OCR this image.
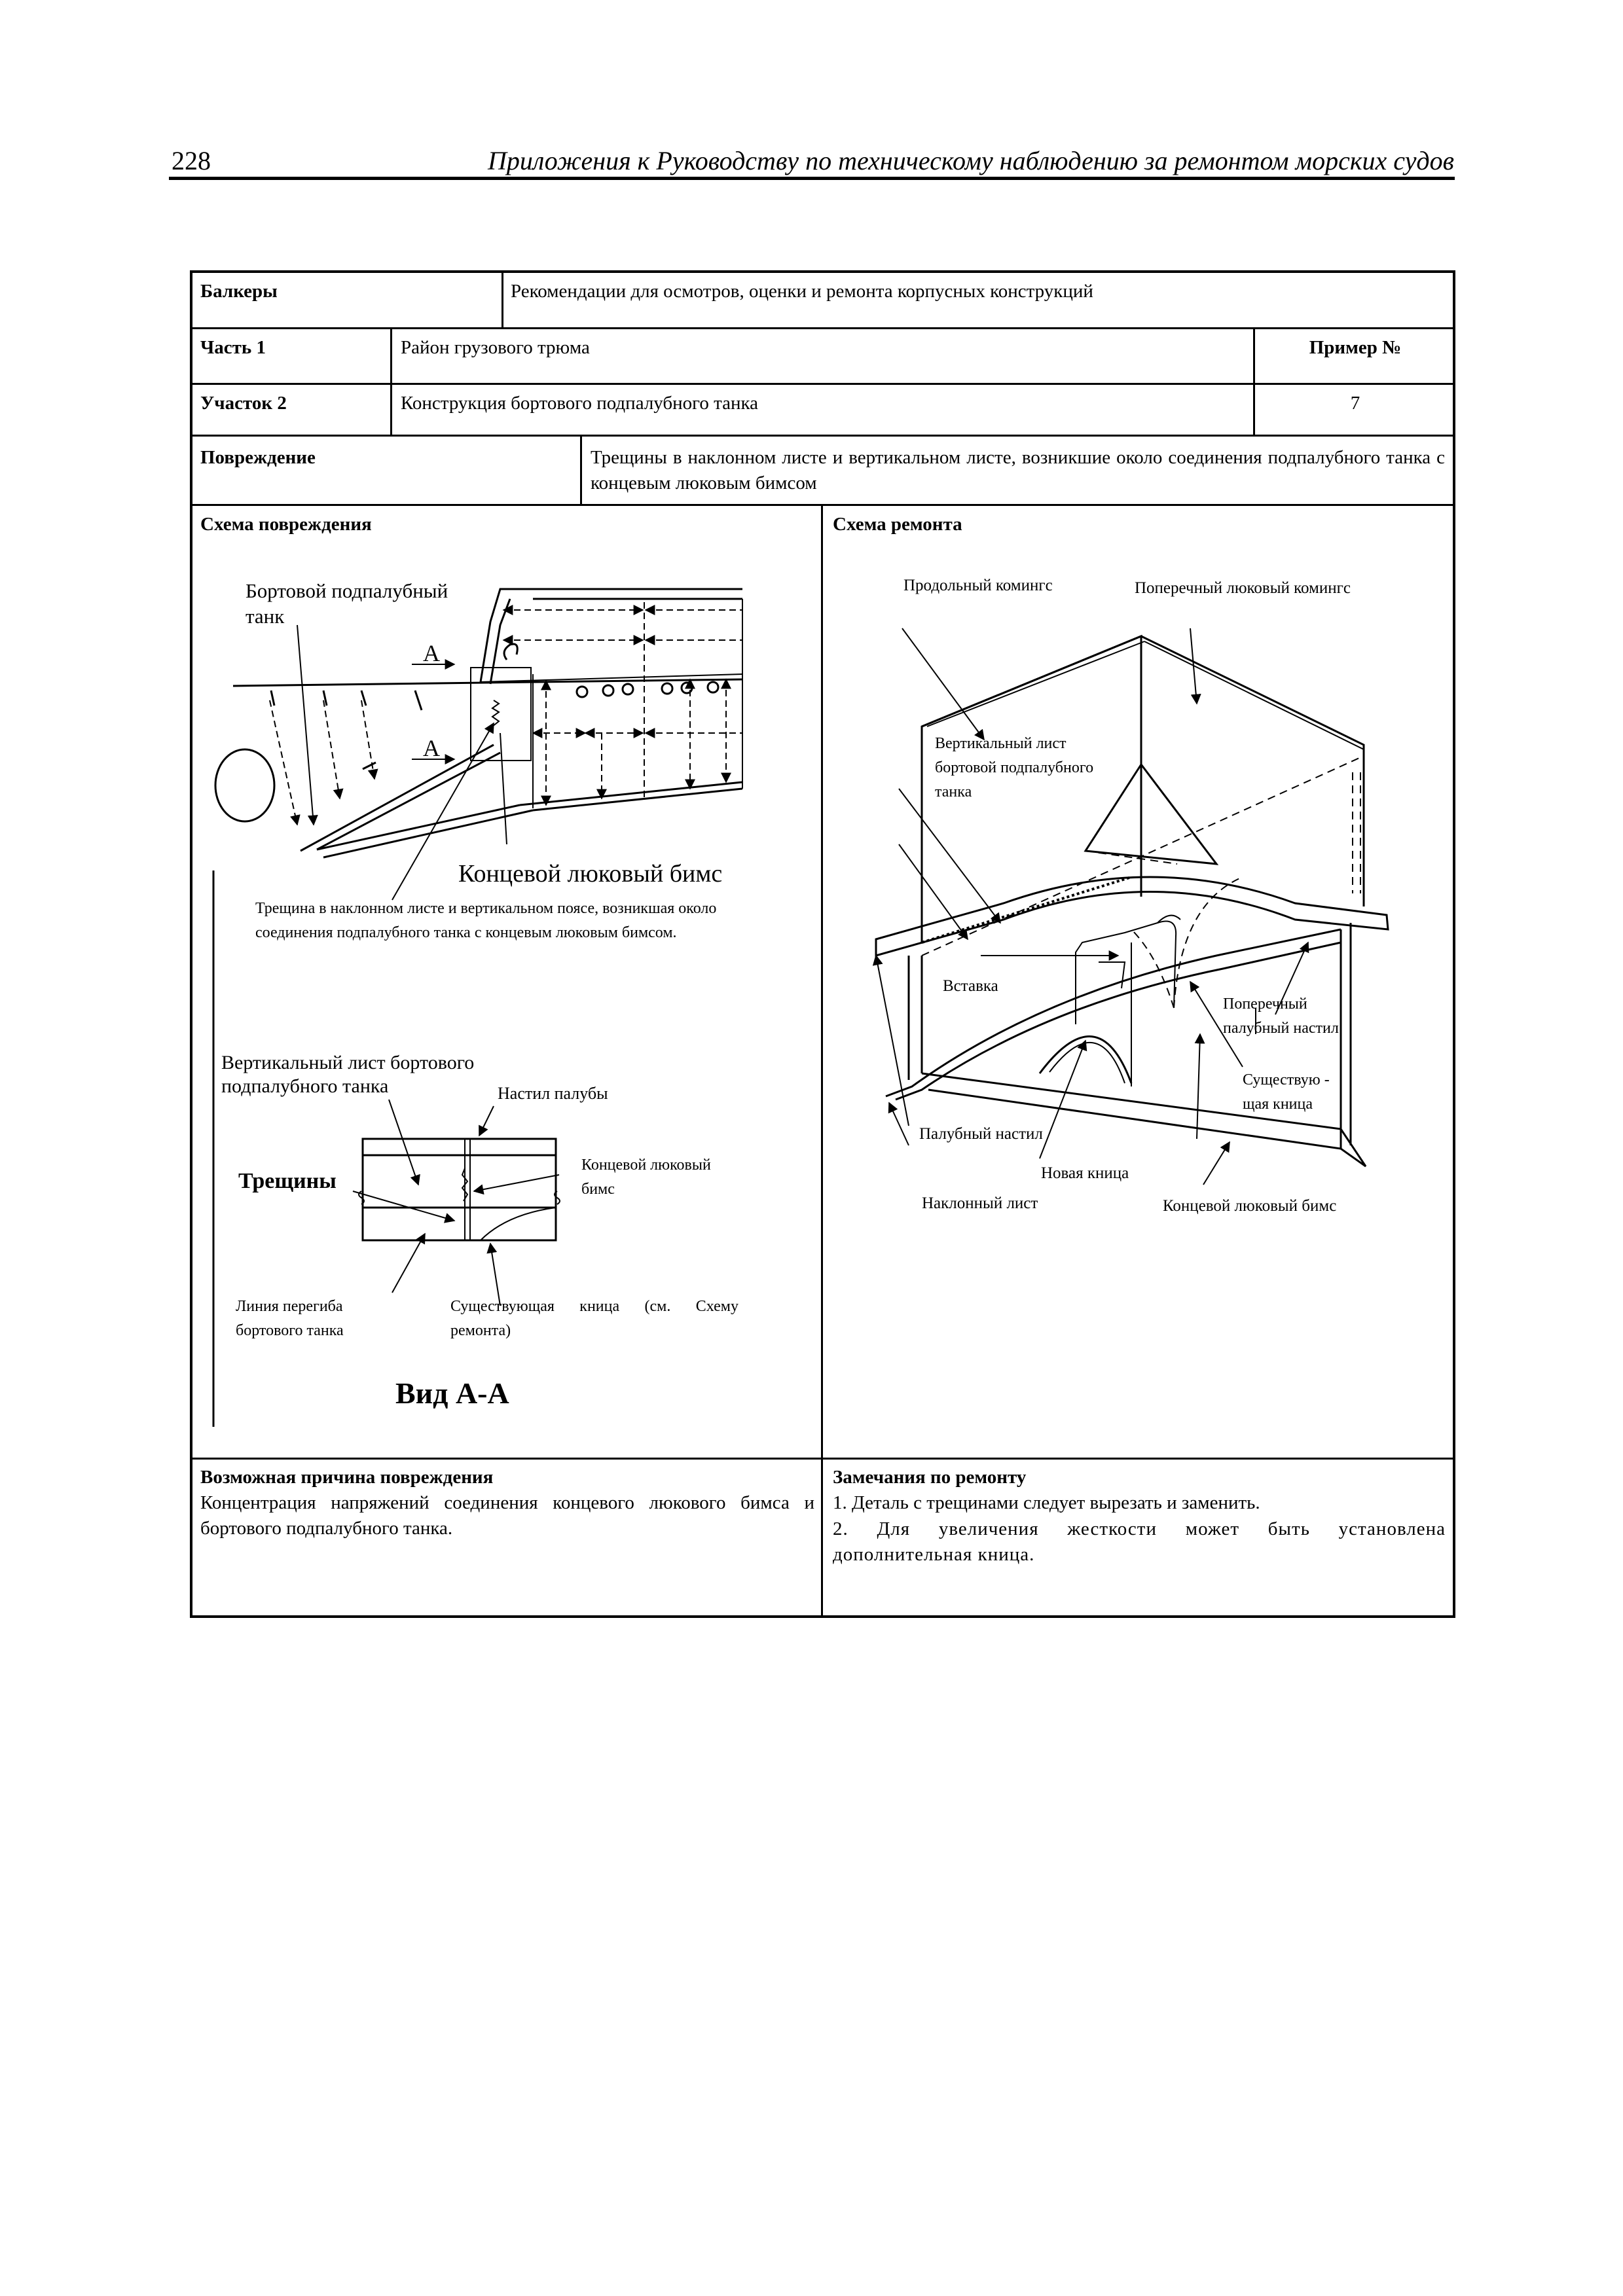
228	Приложения к Руководству по техническому наблюдению за ремонтом морских судов
Балкеры	Рекомендации для осмотров, оценки и ремонта корпусных конструкций
Часть 1	Район грузового трюма	Пример №
Участок 2	Конструкция бортового подпалубного танка	7
Повреждение	Трещины в наклонном листе и вертикальном листе, возникшие около соединения подпалубного танка с концевым люковым бимсом
Схема повреждения	Схема ремонта
Возможная причина повреждения
Концентрация напряжений соединения концевого люкового бимса и бортового подпалубного танка.
Замечания по ремонту
1. Деталь с трещинами следует вырезать и заменить.
2. Для увеличения жесткости может быть установлена дополнительная кница.
A
A
Бортовой подпалубный танк
Концевой люковый бимс
Трещина в наклонном листе и вертикальном поясе, возникшая около соединения подпалубного танка с концевым люковым бимсом.
Вертикальный лист бортового подпалубного танка	Настил палубы
Трещины
Концевой люковый бимс
Линия перегиба бортового танка
Существующая кница (см. Схему ремонта)
Вид А-А
Продольный комингс	Поперечный люковый комингс
Вертикальный лист бортовой подпалубного танка
Вставка
Поперечный палубный настил
Существую - щая кница
Палубный настил
Новая кница
Наклонный лист	Концевой люковый бимс
